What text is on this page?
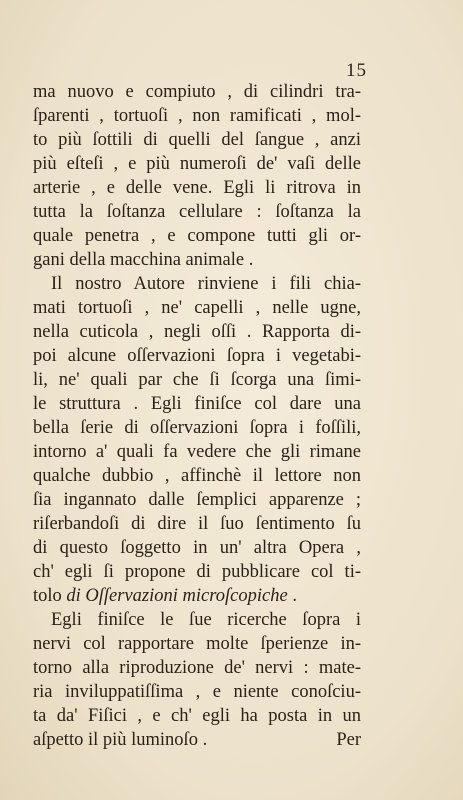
15
ma nuovo e compiuto , di cilindri tra-
ſparenti , tortuoſi , non ramificati , mol-
to più ſottili di quelli del ſangue , anzi
più eſteſi , e più numeroſi de' vaſi delle
arterie , e delle vene. Egli li ritrova in
tutta la ſoſtanza cellulare : ſoſtanza la
quale penetra , e compone tutti gli or-
gani della macchina animale .
Il nostro Autore rinviene i fili chia-
mati tortuoſi , ne' capelli , nelle ugne,
nella cuticola , negli oſſi . Rapporta di-
poi alcune oſſervazioni ſopra i vegetabi-
li, ne' quali par che ſi ſcorga una ſimi-
le struttura . Egli finiſce col dare una
bella ſerie di oſſervazioni ſopra i foſſili,
intorno a' quali fa vedere che gli rimane
qualche dubbio , affinchè il lettore non
ſia ingannato dalle ſemplici apparenze ;
riſerbandoſi di dire il ſuo ſentimento ſu
di questo ſoggetto in un' altra Opera ,
ch' egli ſi propone di pubblicare col ti-
tolo di Oſſervazioni microſcopiche .
Egli finiſce le ſue ricerche ſopra i
nervi col rapportare molte ſperienze in-
torno alla riproduzione de' nervi : mate-
ria inviluppatiſſima , e niente conoſciu-
ta da' Fiſici , e ch' egli ha posta in un
aſpetto il più luminoſo .	Per
